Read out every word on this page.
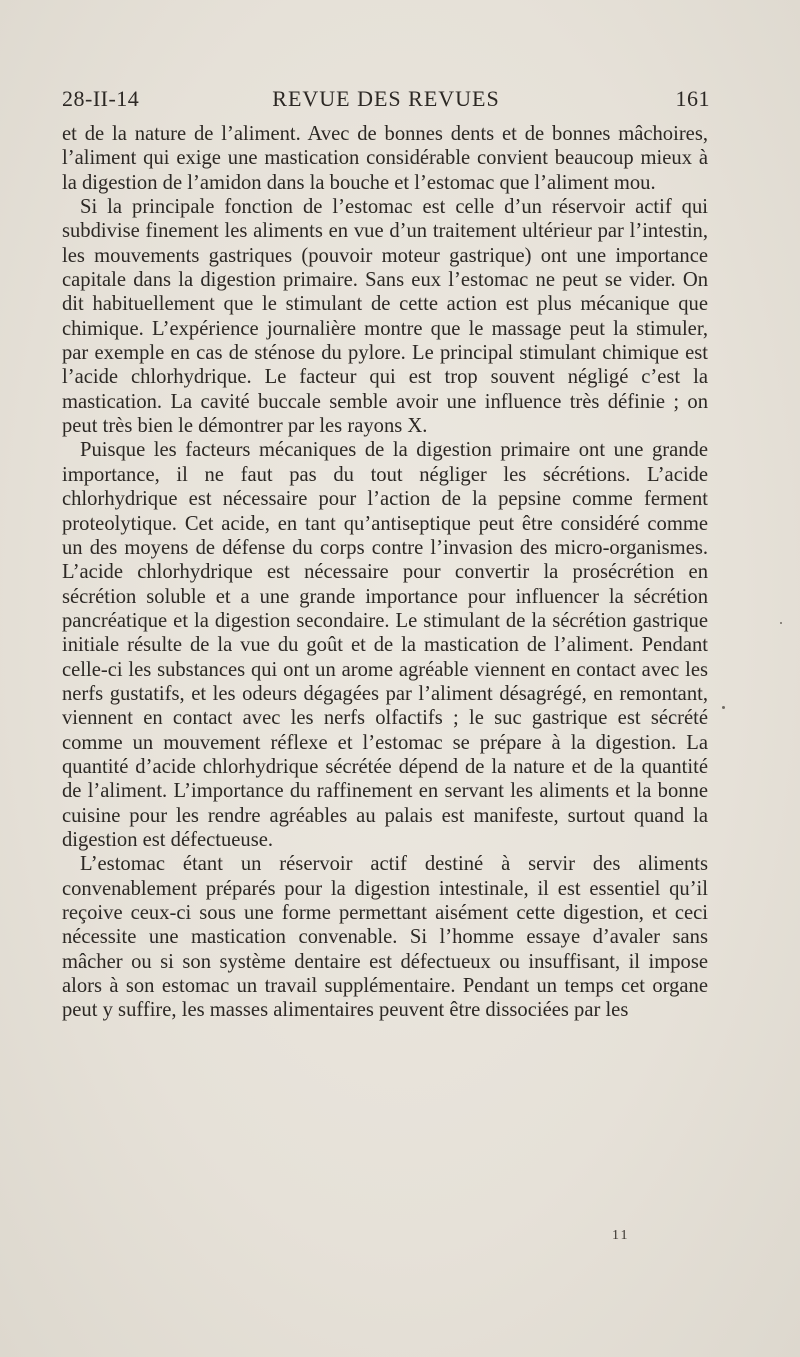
28-II-14	REVUE DES REVUES	161

et de la nature de l’aliment. Avec de bonnes dents et de bonnes mâchoires, l’aliment qui exige une mastication considérable convient beaucoup mieux à la digestion de l’amidon dans la bouche et l’estomac que l’aliment mou.

Si la principale fonction de l’estomac est celle d’un réservoir actif qui subdivise finement les aliments en vue d’un traitement ultérieur par l’intestin, les mouvements gastriques (pouvoir moteur gastrique) ont une importance capitale dans la digestion primaire. Sans eux l’estomac ne peut se vider. On dit habituellement que le stimulant de cette action est plus mécanique que chimique. L’expérience journalière montre que le massage peut la stimuler, par exemple en cas de sténose du pylore. Le principal stimulant chimique est l’acide chlorhydrique. Le facteur qui est trop souvent négligé c’est la mastication. La cavité buccale semble avoir une influence très définie ; on peut très bien le démontrer par les rayons X.

Puisque les facteurs mécaniques de la digestion primaire ont une grande importance, il ne faut pas du tout négliger les sécrétions. L’acide chlorhydrique est nécessaire pour l’action de la pepsine comme ferment proteolytique. Cet acide, en tant qu’antiseptique peut être considéré comme un des moyens de défense du corps contre l’invasion des micro-organismes. L’acide chlorhydrique est nécessaire pour convertir la prosécrétion en sécrétion soluble et a une grande importance pour influencer la sécrétion pancréatique et la digestion secondaire. Le stimulant de la sécrétion gastrique initiale résulte de la vue du goût et de la mastication de l’aliment. Pendant celle-ci les substances qui ont un arome agréable viennent en contact avec les nerfs gustatifs, et les odeurs dégagées par l’aliment désagrégé, en remontant, viennent en contact avec les nerfs olfactifs ; le suc gastrique est sécrété comme un mouvement réflexe et l’estomac se prépare à la digestion. La quantité d’acide chlorhydrique sécrétée dépend de la nature et de la quantité de l’aliment. L’importance du raffinement en servant les aliments et la bonne cuisine pour les rendre agréables au palais est manifeste, surtout quand la digestion est défectueuse.

L’estomac étant un réservoir actif destiné à servir des aliments convenablement préparés pour la digestion intestinale, il est essentiel qu’il reçoive ceux-ci sous une forme permettant aisément cette digestion, et ceci nécessite une mastication convenable. Si l’homme essaye d’avaler sans mâcher ou si son système dentaire est défectueux ou insuffisant, il impose alors à son estomac un travail supplémentaire. Pendant un temps cet organe peut y suffire, les masses alimentaires peuvent être dissociées par les

11
